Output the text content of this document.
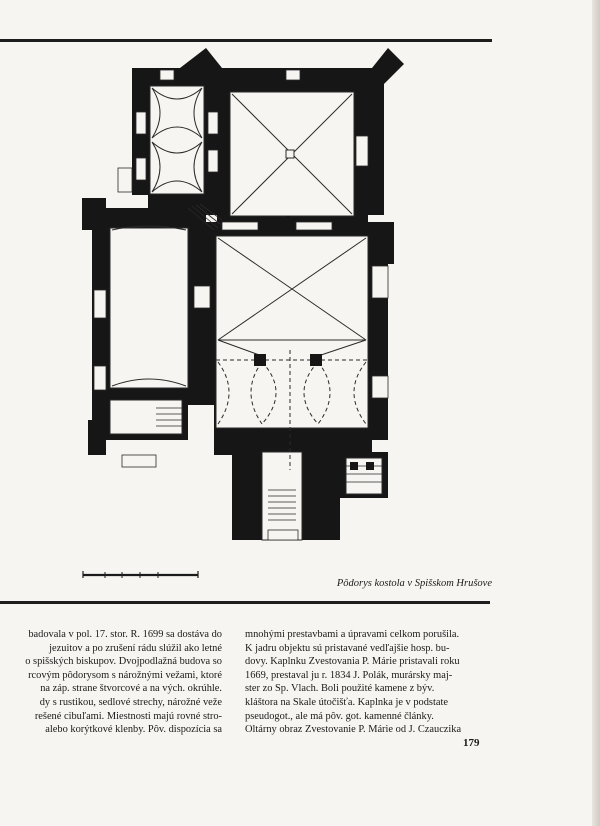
Pôdorys kostola v Spišskom Hrušove
badovala v pol. 17. stor. R. 1699 sa dostáva do
jezuitov a po zrušení rádu slúžil ako letné
o spišských biskupov. Dvojpodlažná budova so
rcovým pôdorysom s nárožnými vežami, ktoré
na záp. strane štvorcové a na vých. okrúhle.
dy s rustikou, sedlové strechy, nárožné veže
rešené cibuľami. Miestnosti majú rovné stro-
alebo korýtkové klenby. Pôv. dispozícia sa
mnohými prestavbami a úpravami celkom porušila.
K jadru objektu sú pristavané vedľajšie hosp. bu-
dovy. Kaplnku Zvestovania P. Márie pristavali roku
1669, prestaval ju r. 1834 J. Polák, murársky maj-
ster zo Sp. Vlach. Boli použité kamene z býv.
kláštora na Skale útočišťa. Kaplnka je v podstate
pseudogot., ale má pôv. got. kamenné články.
Oltárny obraz Zvestovanie P. Márie od J. Czauczika
179
